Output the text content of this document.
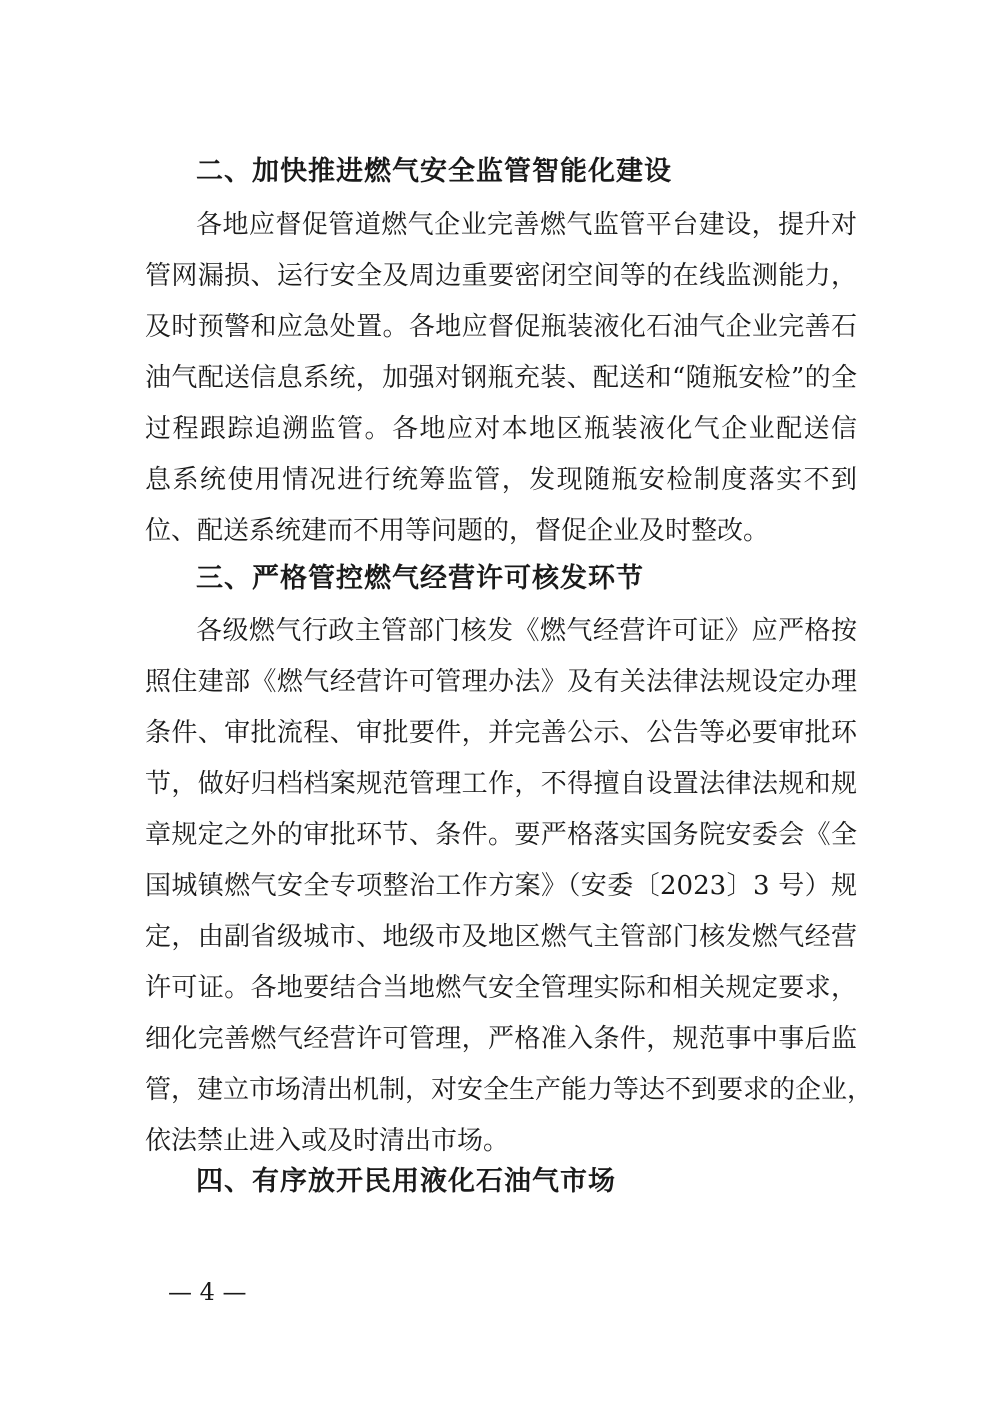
二、加快推进燃气安全监管智能化建设
各地应督促管道燃气企业完善燃气监管平台建设，提升对
管网漏损、运行安全及周边重要密闭空间等的在线监测能力，
及时预警和应急处置。各地应督促瓶装液化石油气企业完善石
油气配送信息系统，加强对钢瓶充装、配送和“随瓶安检”的全
过程跟踪追溯监管。各地应对本地区瓶装液化气企业配送信
息系统使用情况进行统筹监管，发现随瓶安检制度落实不到
位、配送系统建而不用等问题的，督促企业及时整改。
三、严格管控燃气经营许可核发环节
各级燃气行政主管部门核发《燃气经营许可证》应严格按
照住建部《燃气经营许可管理办法》及有关法律法规设定办理
条件、审批流程、审批要件，并完善公示、公告等必要审批环
节，做好归档档案规范管理工作，不得擅自设置法律法规和规
章规定之外的审批环节、条件。要严格落实国务院安委会《全
国城镇燃气安全专项整治工作方案》（安委〔2023〕3 号）规
定，由副省级城市、地级市及地区燃气主管部门核发燃气经营
许可证。各地要结合当地燃气安全管理实际和相关规定要求，
细化完善燃气经营许可管理，严格准入条件，规范事中事后监
管，建立市场清出机制，对安全生产能力等达不到要求的企业，
依法禁止进入或及时清出市场。
四、有序放开民用液化石油气市场
— 4 —
